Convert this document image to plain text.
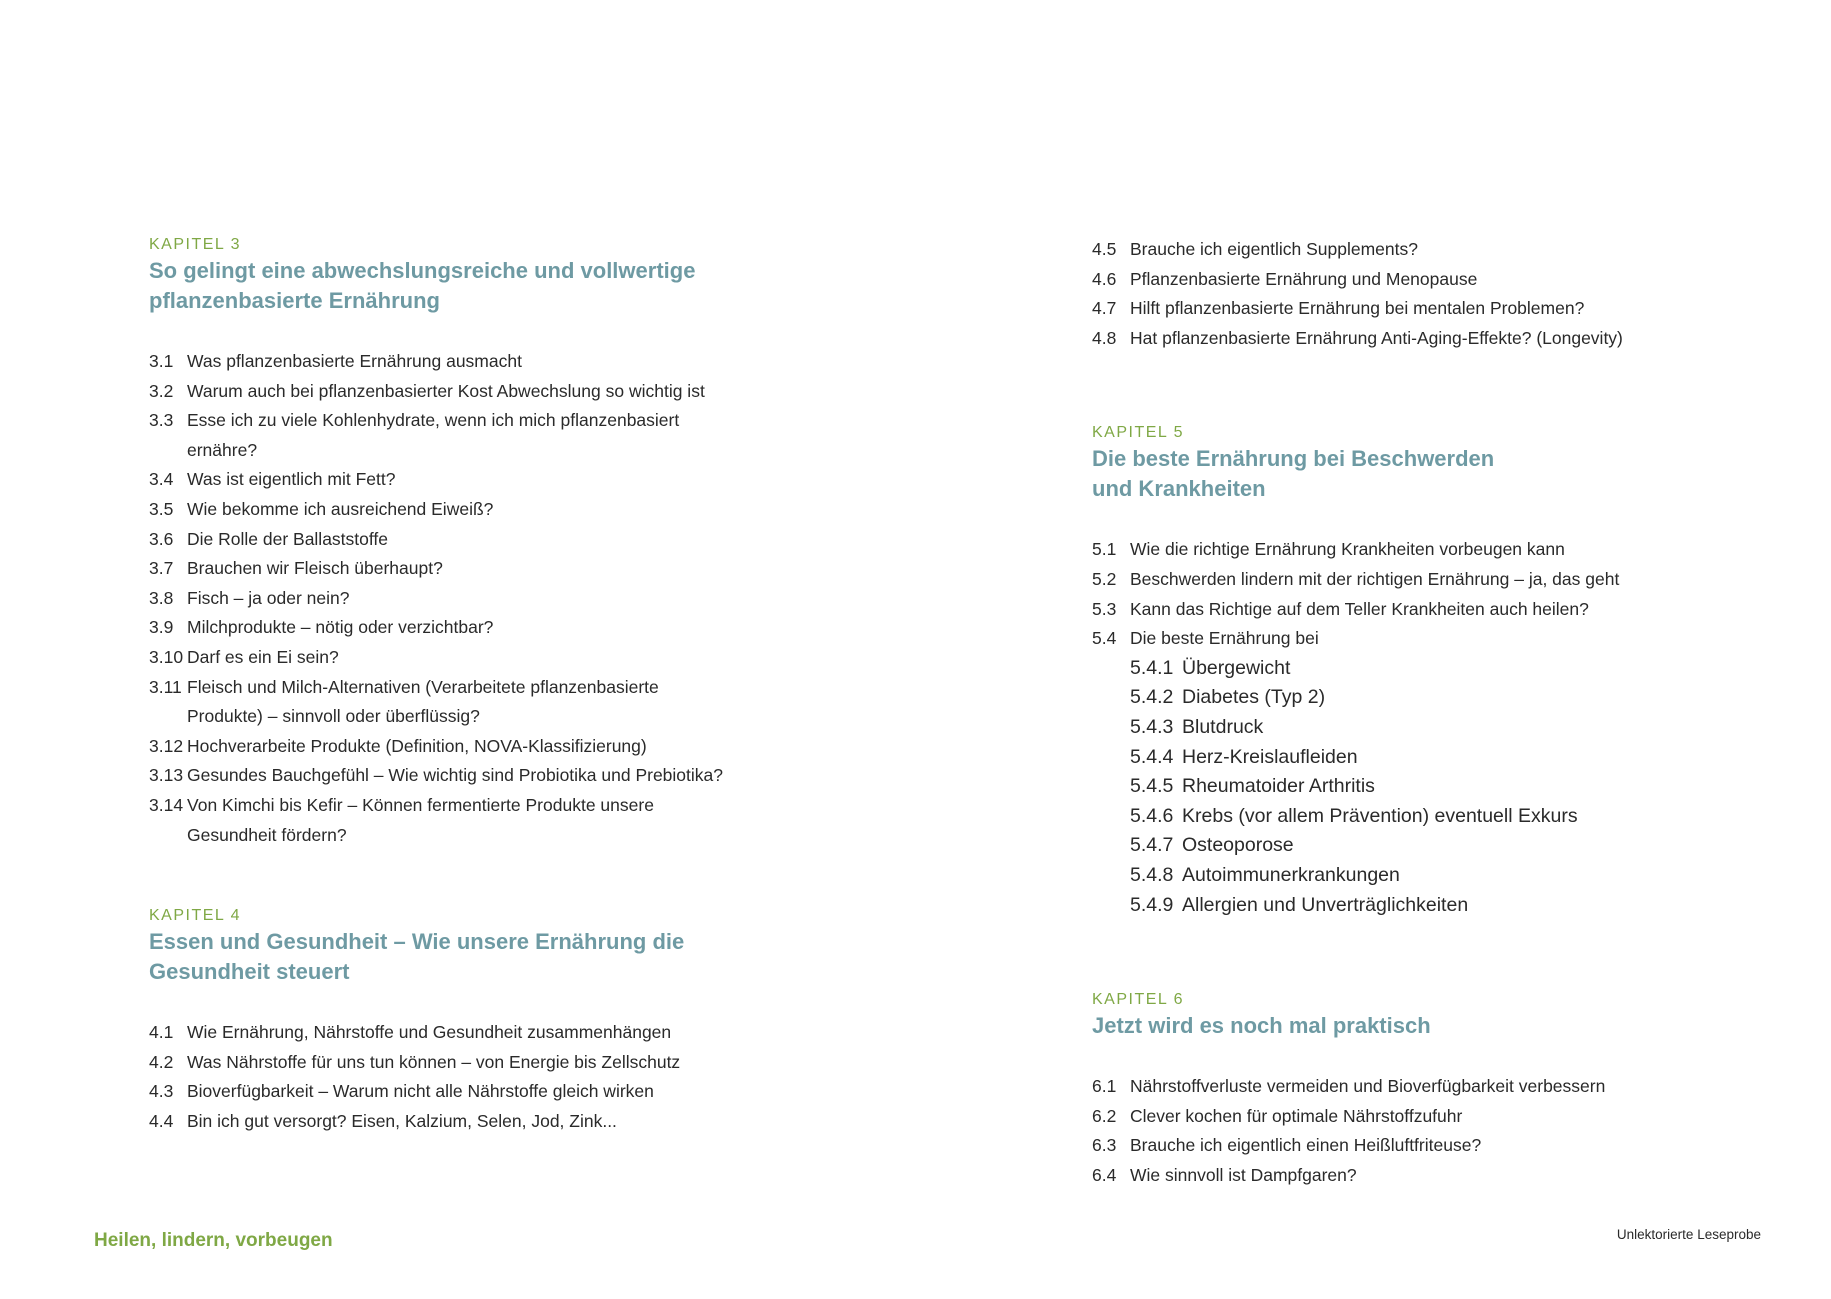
KAPITEL 3

So gelingt eine abwechslungsreiche und vollwertige
pflanzenbasierte Ernährung
3.1 Was pflanzenbasierte Ernährung ausmacht
3.2 Warum auch bei pflanzenbasierter Kost Abwechslung so wichtig ist
3.3 Esse ich zu viele Kohlenhydrate, wenn ich mich pflanzenbasiert
ernähre?
3.4 Was ist eigentlich mit Fett?
3.5 Wie bekomme ich ausreichend Eiweiß?
3.6 Die Rolle der Ballaststoffe
3.7 Brauchen wir Fleisch überhaupt?
3.8 Fisch – ja oder nein?
3.9 Milchprodukte – nötig oder verzichtbar?
3.10 Darf es ein Ei sein?
3.11 Fleisch und Milch-Alternativen (Verarbeitete pflanzenbasierte
Produkte) – sinnvoll oder überflüssig?
3.12 Hochverarbeite Produkte (Definition, NOVA-Klassifizierung)
3.13 Gesundes Bauchgefühl – Wie wichtig sind Probiotika und Prebiotika?
3.14 Von Kimchi bis Kefir – Können fermentierte Produkte unsere
Gesundheit fördern?

KAPITEL 4

Essen und Gesundheit – Wie unsere Ernährung die
Gesundheit steuert
4.1 Wie Ernährung, Nährstoffe und Gesundheit zusammenhängen
4.2 Was Nährstoffe für uns tun können – von Energie bis Zellschutz
4.3 Bioverfügbarkeit – Warum nicht alle Nährstoffe gleich wirken
4.4 Bin ich gut versorgt? Eisen, Kalzium, Selen, Jod, Zink...
4.5 Brauche ich eigentlich Supplements?
4.6 Pflanzenbasierte Ernährung und Menopause
4.7 Hilft pflanzenbasierte Ernährung bei mentalen Problemen?
4.8 Hat pflanzenbasierte Ernährung Anti-Aging-Effekte? (Longevity)

KAPITEL 5

Die beste Ernährung bei Beschwerden
und Krankheiten
5.1 Wie die richtige Ernährung Krankheiten vorbeugen kann
5.2 Beschwerden lindern mit der richtigen Ernährung – ja, das geht
5.3 Kann das Richtige auf dem Teller Krankheiten auch heilen?
5.4 Die beste Ernährung bei
5.4.1 Übergewicht
5.4.2 Diabetes (Typ 2)
5.4.3 Blutdruck
5.4.4 Herz-Kreislaufleiden
5.4.5 Rheumatoider Arthritis
5.4.6 Krebs (vor allem Prävention) eventuell Exkurs
5.4.7 Osteoporose
5.4.8 Autoimmunerkrankungen
5.4.9 Allergien und Unverträglichkeiten

KAPITEL 6

Jetzt wird es noch mal praktisch
6.1 Nährstoffverluste vermeiden und Bioverfügbarkeit verbessern
6.2 Clever kochen für optimale Nährstoffzufuhr
6.3 Brauche ich eigentlich einen Heißluftfriteuse?
6.4 Wie sinnvoll ist Dampfgaren?
Heilen, lindern, vorbeugen	Unlektorierte Leseprobe
